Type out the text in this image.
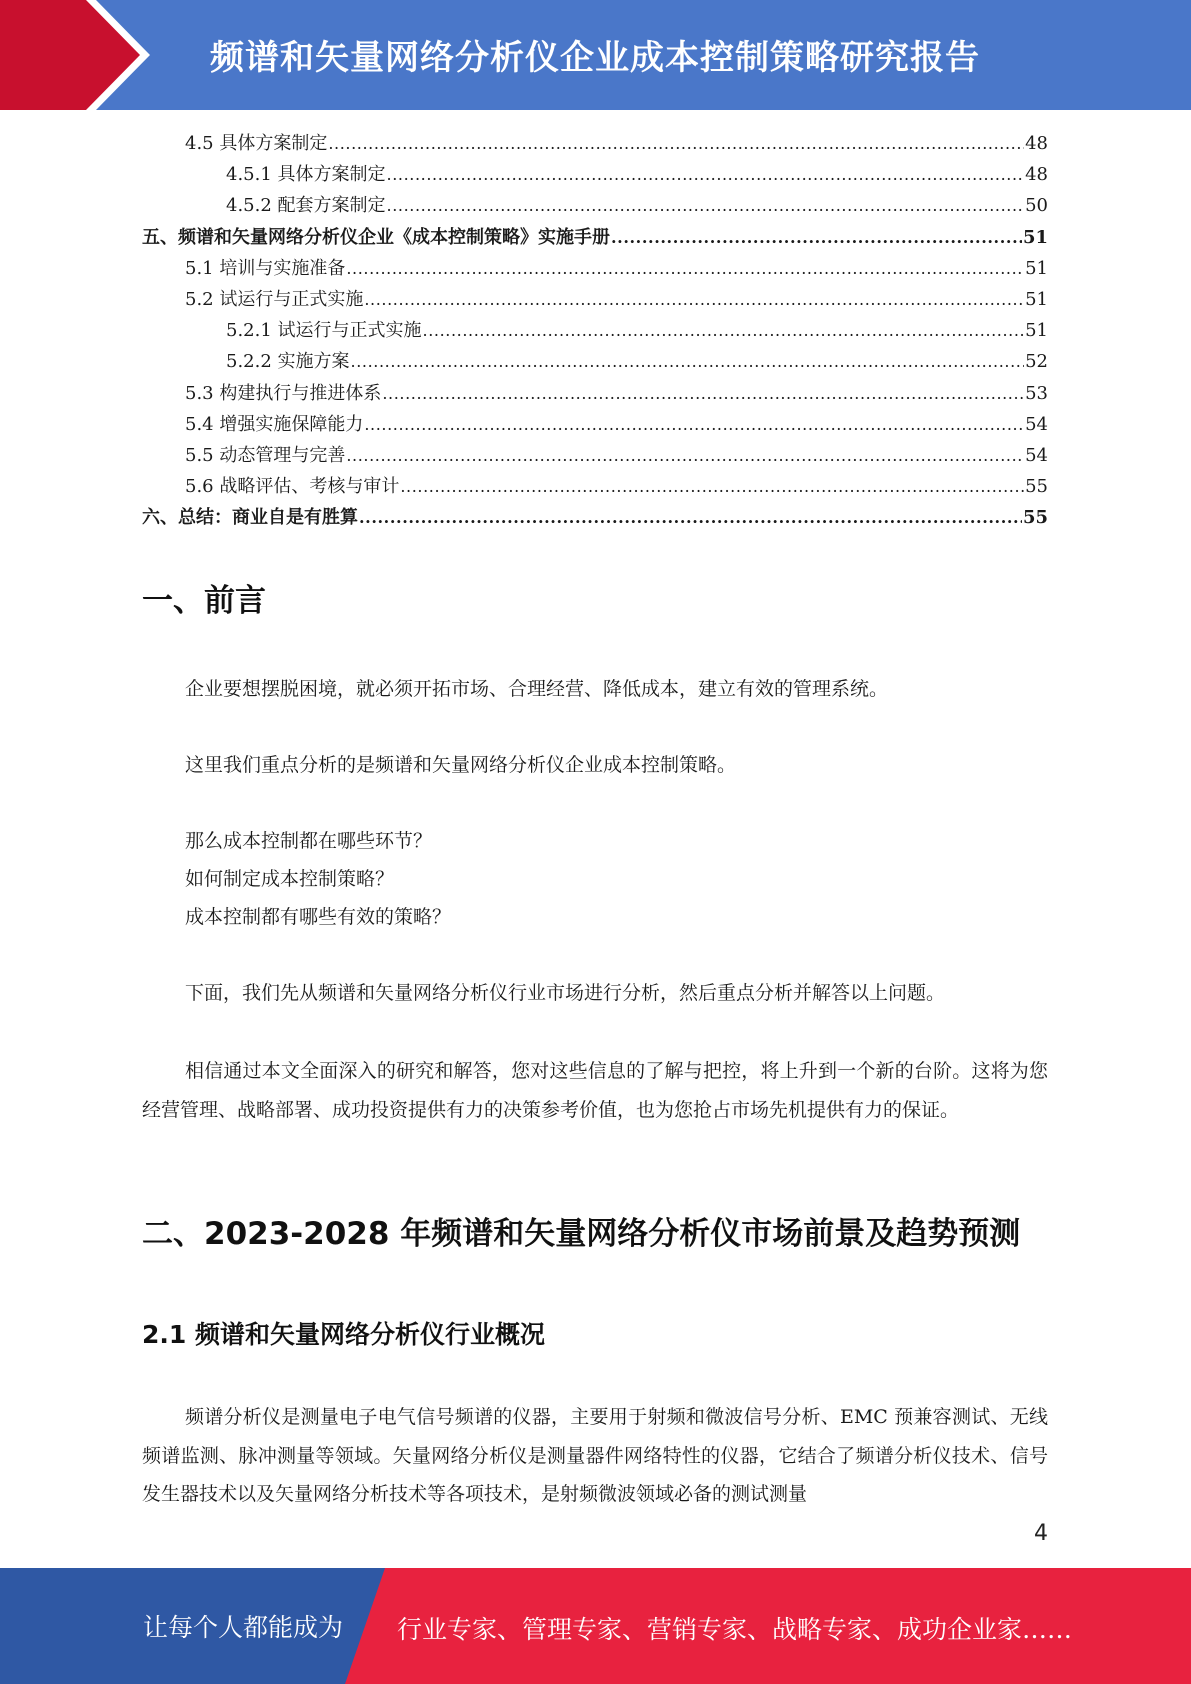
频谱和矢量网络分析仪企业成本控制策略研究报告
4.5 具体方案制定 .....	48
4.5.1 具体方案制定 .....	48
4.5.2 配套方案制定 .....	50
五、频谱和矢量网络分析仪企业《成本控制策略》实施手册 .....	51
5.1 培训与实施准备 .....	51
5.2 试运行与正式实施 .....	51
5.2.1 试运行与正式实施 .....	51
5.2.2 实施方案 .....	52
5.3 构建执行与推进体系 .....	53
5.4 增强实施保障能力 .....	54
5.5 动态管理与完善 .....	54
5.6 战略评估、考核与审计 .....	55
六、总结：商业自是有胜算 .....	55
一、前言
企业要想摆脱困境，就必须开拓市场、合理经营、降低成本，建立有效的管理系统。
这里我们重点分析的是频谱和矢量网络分析仪企业成本控制策略。
那么成本控制都在哪些环节？
如何制定成本控制策略？
成本控制都有哪些有效的策略？
下面，我们先从频谱和矢量网络分析仪行业市场进行分析，然后重点分析并解答以上问题。
相信通过本文全面深入的研究和解答，您对这些信息的了解与把控，将上升到一个新的台阶。这将为您经营管理、战略部署、成功投资提供有力的决策参考价值，也为您抢占市场先机提供有力的保证。
二、2023-2028 年频谱和矢量网络分析仪市场前景及趋势预测
2.1 频谱和矢量网络分析仪行业概况
频谱分析仪是测量电子电气信号频谱的仪器，主要用于射频和微波信号分析、EMC 预兼容测试、无线频谱监测、脉冲测量等领域。矢量网络分析仪是测量器件网络特性的仪器，它结合了频谱分析仪技术、信号发生器技术以及矢量网络分析技术等各项技术，是射频微波领域必备的测试测量
4
让每个人都能成为 行业专家、管理专家、营销专家、战略专家、成功企业家……
